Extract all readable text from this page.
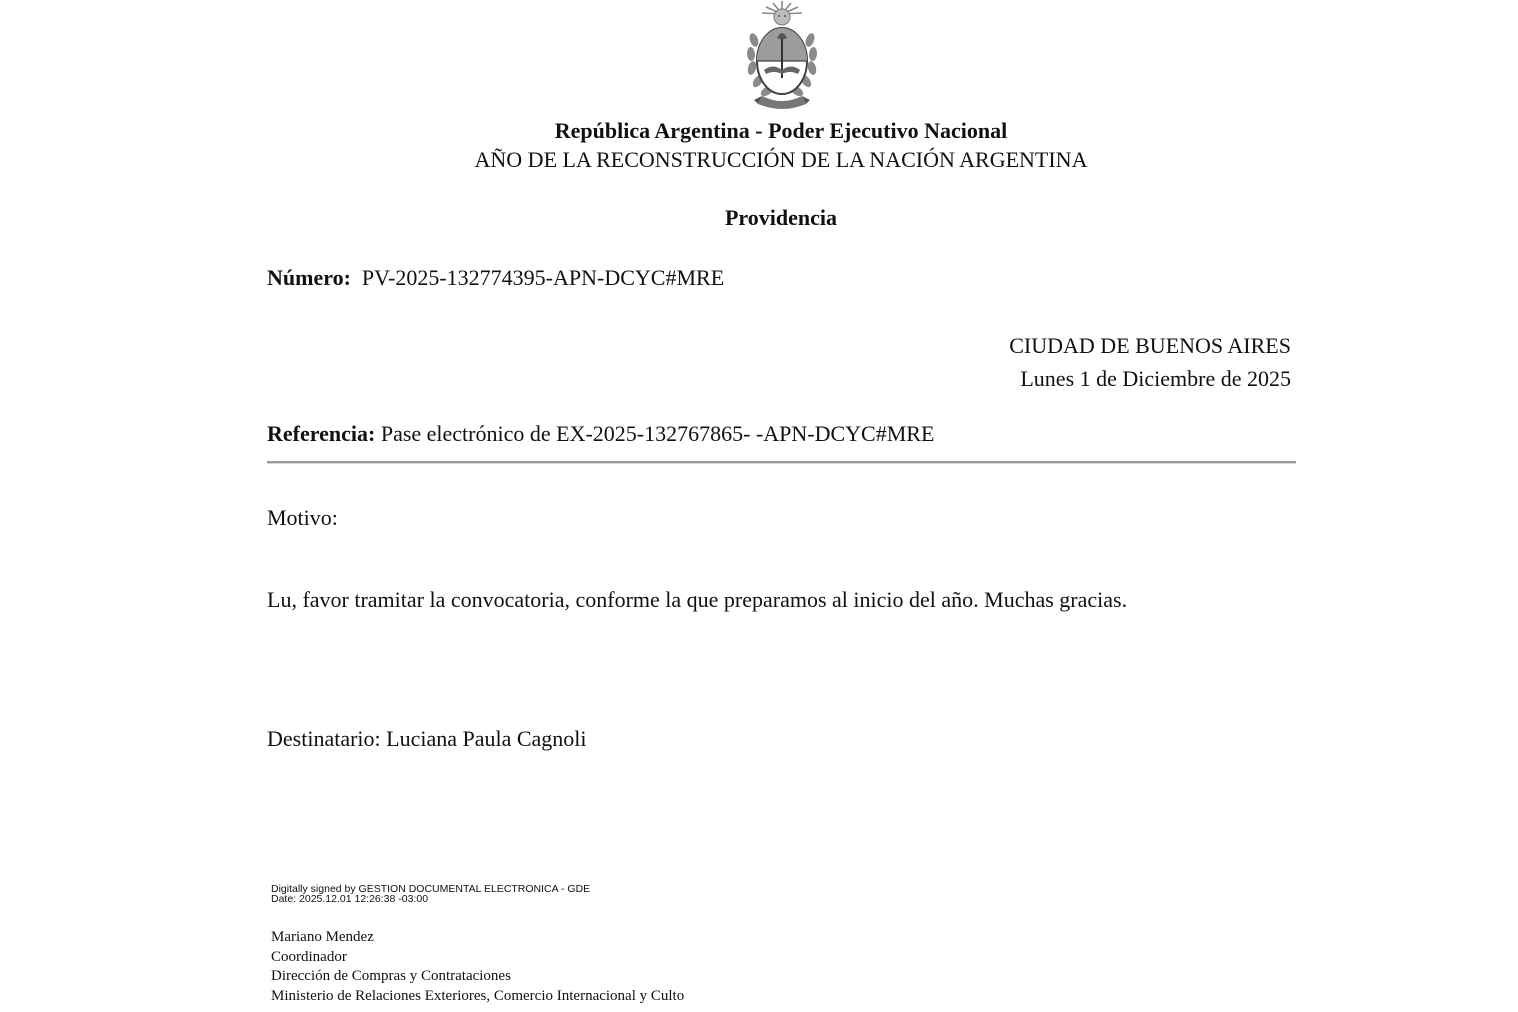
República Argentina - Poder Ejecutivo Nacional
AÑO DE LA RECONSTRUCCIÓN DE LA NACIÓN ARGENTINA
Providencia
Número: PV-2025-132774395-APN-DCYC#MRE
CIUDAD DE BUENOS AIRES
Lunes 1 de Diciembre de 2025
Referencia: Pase electrónico de EX-2025-132767865- -APN-DCYC#MRE
Motivo:
Lu, favor tramitar la convocatoria, conforme la que preparamos al inicio del año. Muchas gracias.
Destinatario: Luciana Paula Cagnoli
Digitally signed by GESTION DOCUMENTAL ELECTRONICA - GDE
Date: 2025.12.01 12:26:38 -03:00
Mariano Mendez
Coordinador
Dirección de Compras y Contrataciones
Ministerio de Relaciones Exteriores, Comercio Internacional y Culto
